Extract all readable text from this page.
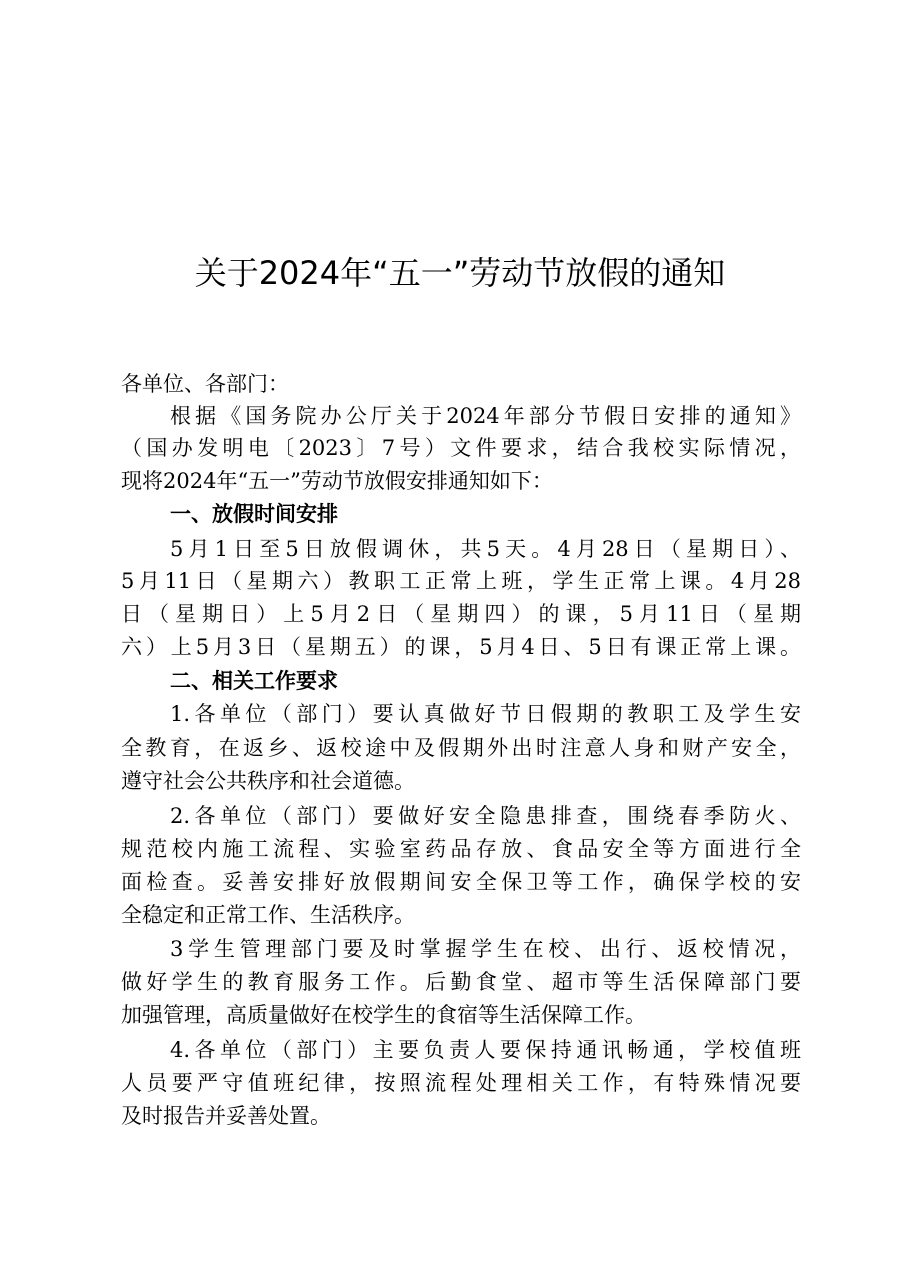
关于2024年“五一”劳动节放假的通知
各单位、各部门：
根据《国务院办公厅关于2024年部分节假日安排的通知》
（国办发明电〔2023〕7号）文件要求，结合我校实际情况，
现将2024年“五一”劳动节放假安排通知如下：
一、放假时间安排
5月1日至5日放假调休，共5天。4月28日（星期日）、
5月11日（星期六）教职工正常上班，学生正常上课。4月28
日（星期日）上5月2日（星期四）的课，5月11日（星期
六）上5月3日（星期五）的课，5月4日、5日有课正常上课。
二、相关工作要求
1.各单位（部门）要认真做好节日假期的教职工及学生安
全教育，在返乡、返校途中及假期外出时注意人身和财产安全，
遵守社会公共秩序和社会道德。
2.各单位（部门）要做好安全隐患排查，围绕春季防火、
规范校内施工流程、实验室药品存放、食品安全等方面进行全
面检查。妥善安排好放假期间安全保卫等工作，确保学校的安
全稳定和正常工作、生活秩序。
3学生管理部门要及时掌握学生在校、出行、返校情况，
做好学生的教育服务工作。后勤食堂、超市等生活保障部门要
加强管理，高质量做好在校学生的食宿等生活保障工作。
4.各单位（部门）主要负责人要保持通讯畅通，学校值班
人员要严守值班纪律，按照流程处理相关工作，有特殊情况要
及时报告并妥善处置。
